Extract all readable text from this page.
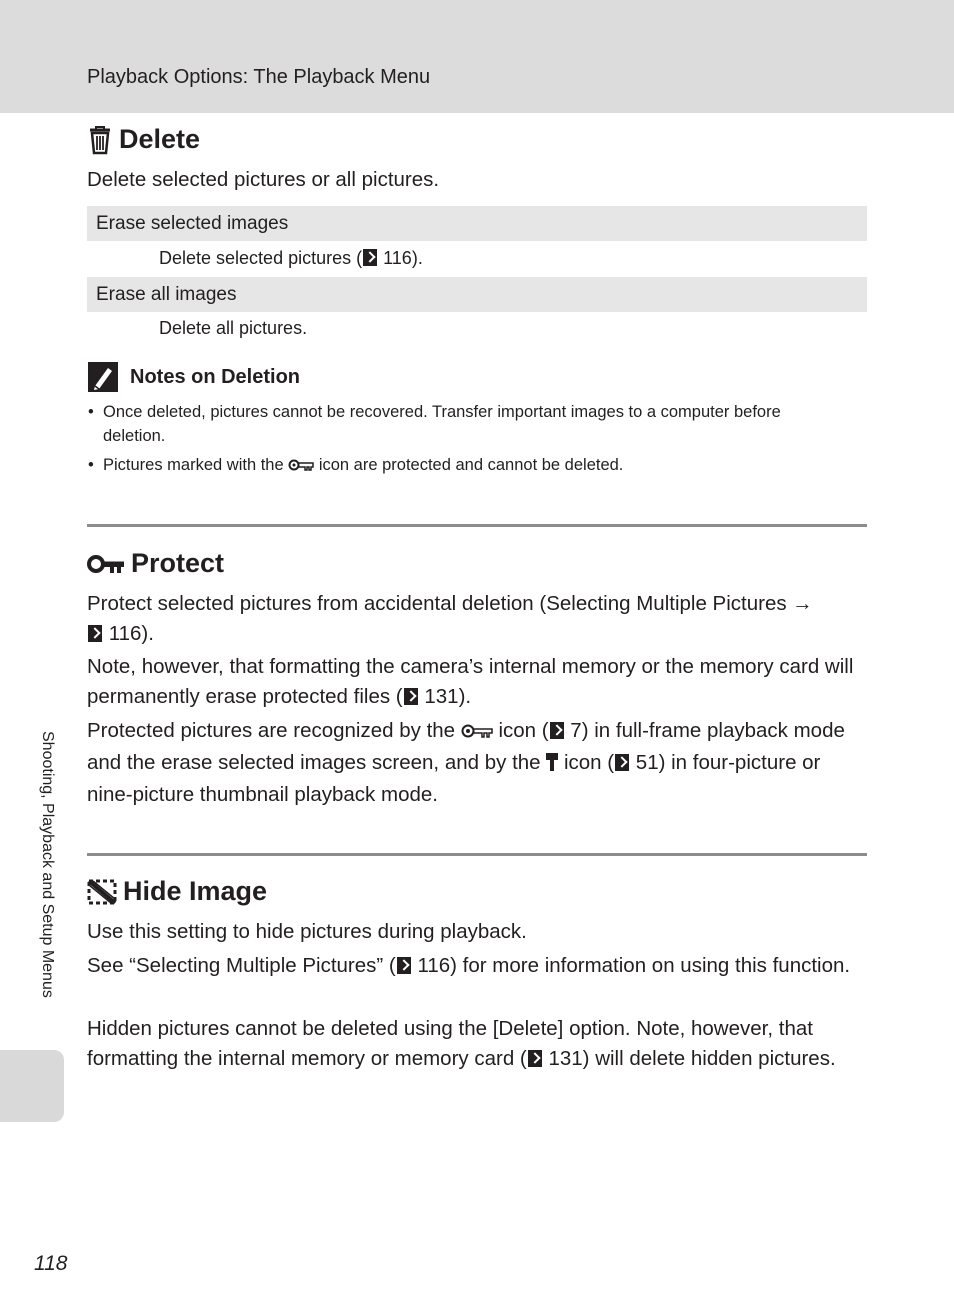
Playback Options: The Playback Menu
Delete

Delete selected pictures or all pictures.

Erase selected images
Delete selected pictures ( 116).
Erase all images
Delete all pictures.
Notes on Deletion
• Once deleted, pictures cannot be recovered. Transfer important images to a computer before deletion.
• Pictures marked with the  icon are protected and cannot be deleted.
Protect

Protect selected pictures from accidental deletion (Selecting Multiple Pictures →
116).

Note, however, that formatting the camera’s internal memory or the memory card will permanently erase protected files ( 131).

Protected pictures are recognized by the  icon ( 7) in full-frame playback mode and the erase selected images screen, and by the  icon ( 51) in four-picture or nine-picture thumbnail playback mode.

Hide Image

Use this setting to hide pictures during playback.

See “Selecting Multiple Pictures” ( 116) for more information on using this function.

Hidden pictures cannot be deleted using the [Delete] option. Note, however, that formatting the internal memory or memory card ( 131) will delete hidden pictures.

Shooting, Playback and Setup Menus
118
